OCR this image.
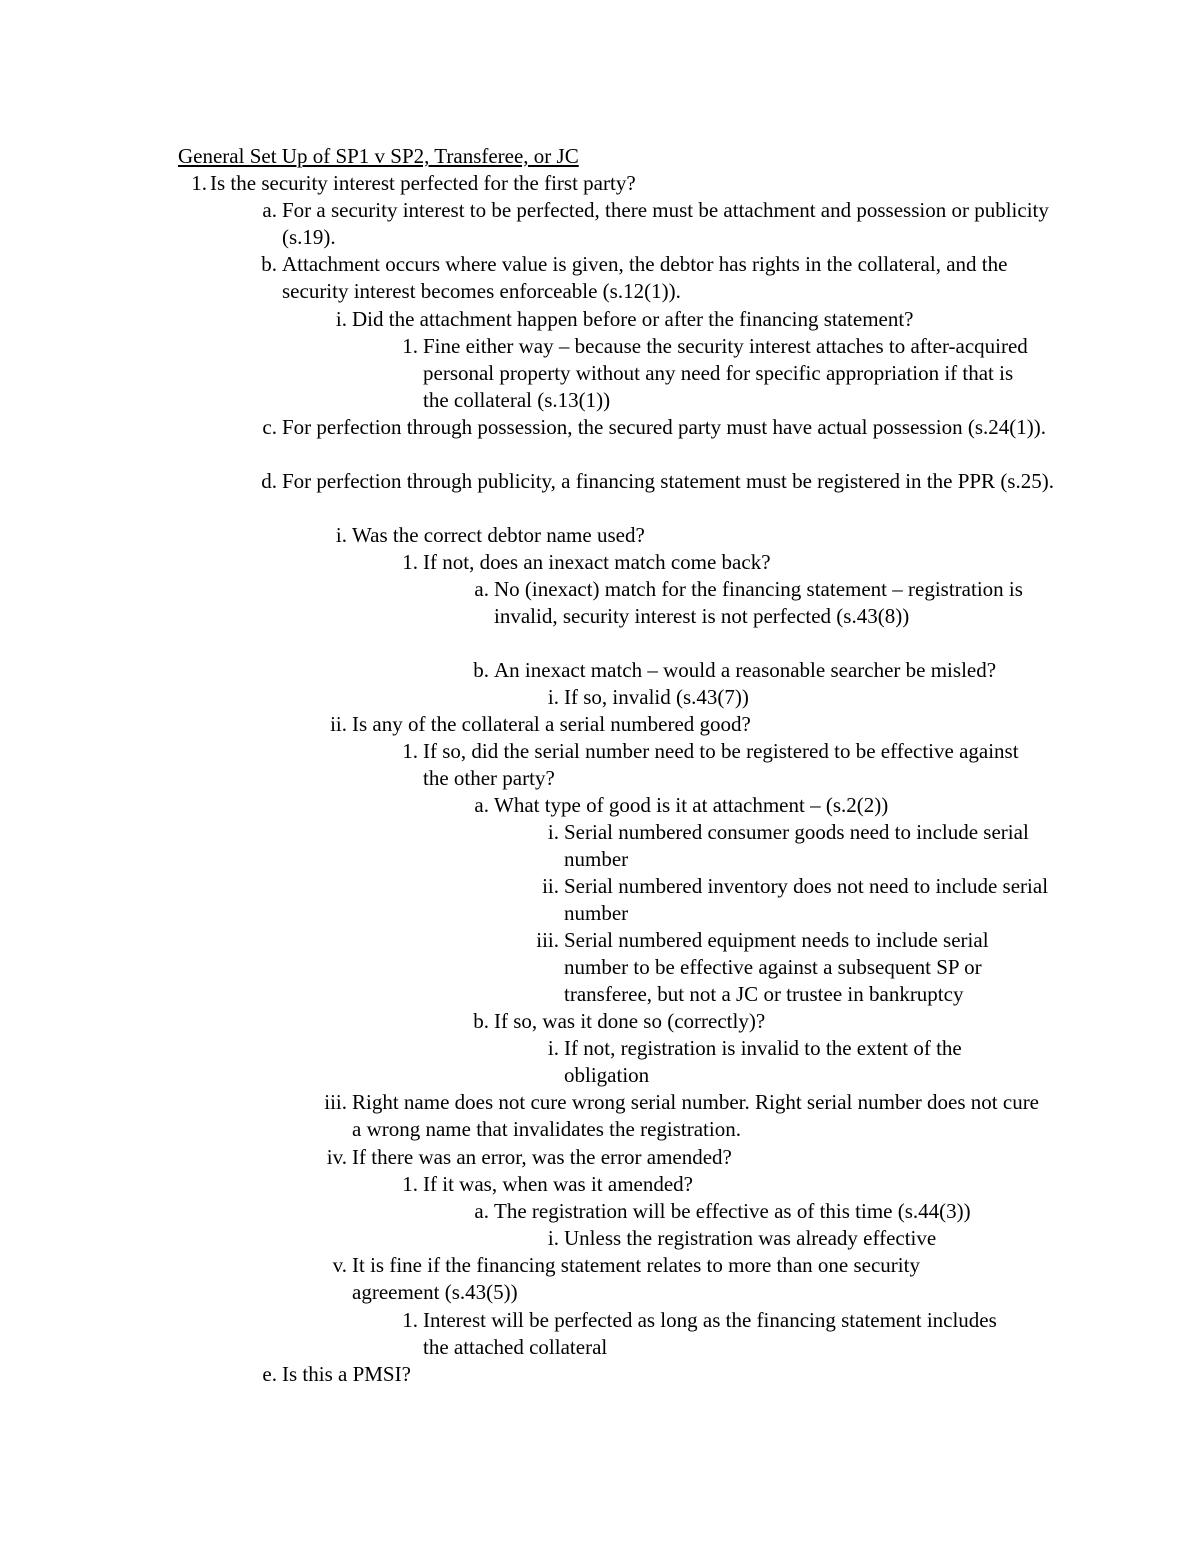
General Set Up of SP1 v SP2, Transferee, or JC
1. Is the security interest perfected for the first party?
a. For a security interest to be perfected, there must be attachment and possession or publicity (s.19).
b. Attachment occurs where value is given, the debtor has rights in the collateral, and the security interest becomes enforceable (s.12(1)).
i. Did the attachment happen before or after the financing statement?
1. Fine either way – because the security interest attaches to after-acquired personal property without any need for specific appropriation if that is the collateral (s.13(1))
c. For perfection through possession, the secured party must have actual possession (s.24(1)).
d. For perfection through publicity, a financing statement must be registered in the PPR (s.25).
i. Was the correct debtor name used?
1. If not, does an inexact match come back?
a. No (inexact) match for the financing statement – registration is invalid, security interest is not perfected (s.43(8))
b. An inexact match – would a reasonable searcher be misled?
i. If so, invalid (s.43(7))
ii. Is any of the collateral a serial numbered good?
1. If so, did the serial number need to be registered to be effective against the other party?
a. What type of good is it at attachment – (s.2(2))
i. Serial numbered consumer goods need to include serial number
ii. Serial numbered inventory does not need to include serial number
iii. Serial numbered equipment needs to include serial number to be effective against a subsequent SP or transferee, but not a JC or trustee in bankruptcy
b. If so, was it done so (correctly)?
i. If not, registration is invalid to the extent of the obligation
iii. Right name does not cure wrong serial number. Right serial number does not cure a wrong name that invalidates the registration.
iv. If there was an error, was the error amended?
1. If it was, when was it amended?
a. The registration will be effective as of this time (s.44(3))
i. Unless the registration was already effective
v. It is fine if the financing statement relates to more than one security agreement (s.43(5))
1. Interest will be perfected as long as the financing statement includes the attached collateral
e. Is this a PMSI?
